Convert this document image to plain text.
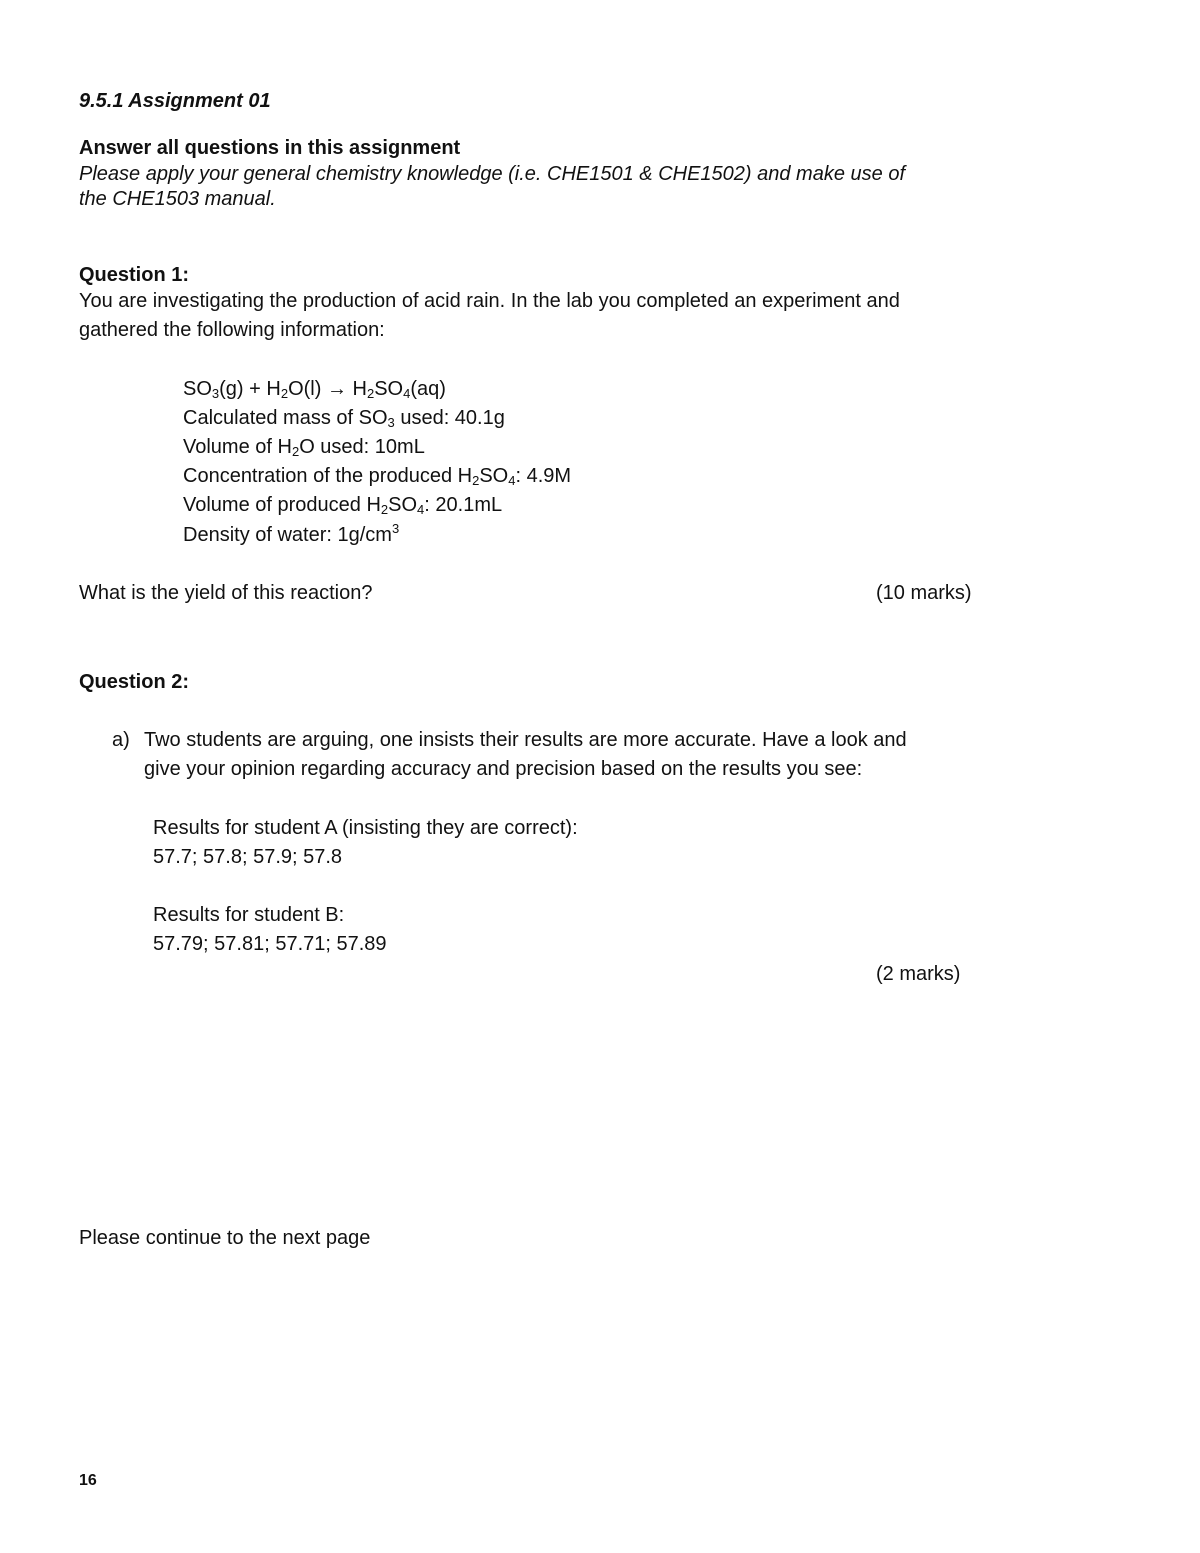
9.5.1 Assignment 01
Answer all questions in this assignment
Please apply your general chemistry knowledge (i.e. CHE1501 & CHE1502) and make use of
the CHE1503 manual.
Question 1:
You are investigating the production of acid rain. In the lab you completed an experiment and
gathered the following information:
$SO_3(g) + H_2O(l) \to H_2SO_4(aq)$
Calculated mass of $SO_3$ used: 40.1g
Volume of $H_2O$ used: 10mL
Concentration of the produced $H_2SO_4$: 4.9M
Volume of produced $H_2SO_4$: 20.1mL
Density of water: $1g/cm^3$
What is the yield of this reaction?	(10 marks)
Question 2:
a) Two students are arguing, one insists their results are more accurate. Have a look and
give your opinion regarding accuracy and precision based on the results you see:
Results for student A (insisting they are correct):
57.7; 57.8; 57.9; 57.8
Results for student B:
57.79; 57.81; 57.71; 57.89
(2 marks)
Please continue to the next page
16
